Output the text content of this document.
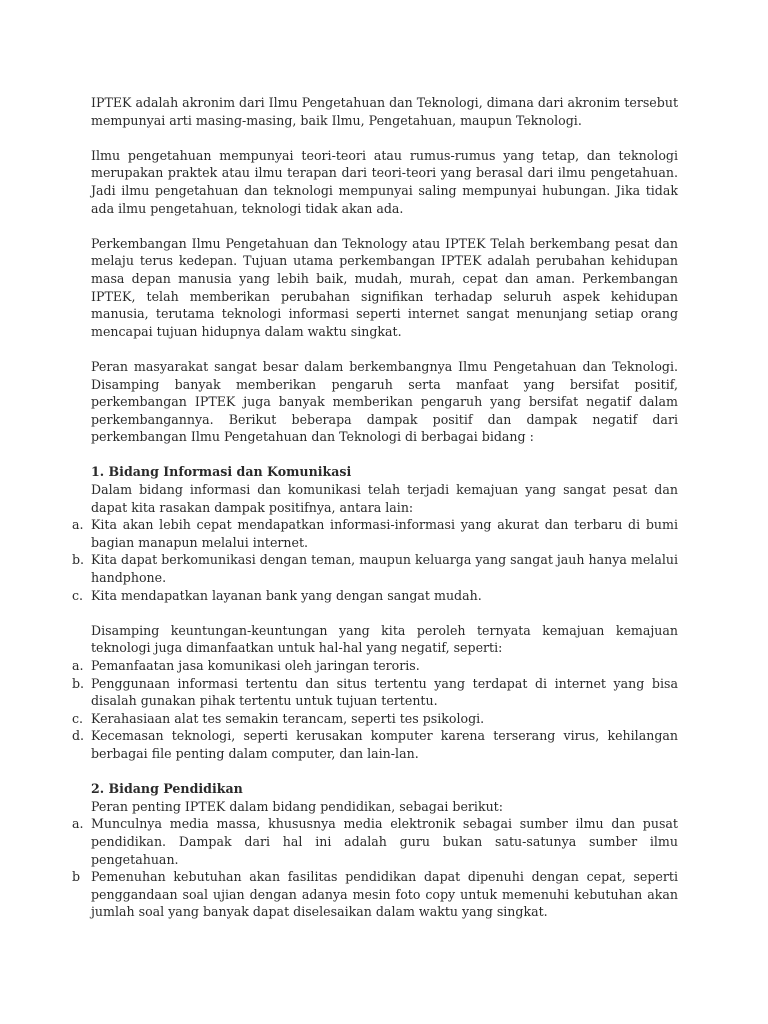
IPTEK adalah akronim dari Ilmu Pengetahuan dan Teknologi, dimana dari akronim tersebut mempunyai arti masing-masing, baik Ilmu, Pengetahuan, maupun Teknologi.

Ilmu pengetahuan mempunyai teori-teori atau rumus-rumus yang tetap, dan teknologi merupakan praktek atau ilmu terapan dari teori-teori yang berasal dari ilmu pengetahuan. Jadi ilmu pengetahuan dan teknologi mempunyai saling mempunyai hubungan. Jika tidak ada ilmu pengetahuan, teknologi tidak akan ada.

Perkembangan Ilmu Pengetahuan dan Teknology atau IPTEK Telah berkembang pesat dan melaju terus kedepan. Tujuan utama perkembangan IPTEK adalah perubahan kehidupan masa depan manusia yang lebih baik, mudah, murah, cepat dan aman. Perkembangan IPTEK, telah memberikan perubahan signifikan terhadap seluruh aspek kehidupan manusia, terutama teknologi informasi seperti internet sangat menunjang setiap orang mencapai tujuan hidupnya dalam waktu singkat.

Peran masyarakat sangat besar dalam berkembangnya Ilmu Pengetahuan dan Teknologi. Disamping banyak memberikan pengaruh serta manfaat yang bersifat positif, perkembangan IPTEK juga banyak memberikan pengaruh yang bersifat negatif dalam perkembangannya. Berikut beberapa dampak positif dan dampak negatif dari perkembangan Ilmu Pengetahuan dan Teknologi di berbagai bidang :

1. Bidang Informasi dan Komunikasi
Dalam bidang informasi dan komunikasi telah terjadi kemajuan yang sangat pesat dan dapat kita rasakan dampak positifnya, antara lain:
a. Kita akan lebih cepat mendapatkan informasi-informasi yang akurat dan terbaru di bumi bagian manapun melalui internet.
b. Kita dapat berkomunikasi dengan teman, maupun keluarga yang sangat jauh hanya melalui handphone.
c. Kita mendapatkan layanan bank yang dengan sangat mudah.
Disamping keuntungan-keuntungan yang kita peroleh ternyata kemajuan kemajuan teknologi juga dimanfaatkan untuk hal-hal yang negatif, seperti:
a. Pemanfaatan jasa komunikasi oleh jaringan teroris.
b. Penggunaan informasi tertentu dan situs tertentu yang terdapat di internet yang bisa disalah gunakan pihak tertentu untuk tujuan tertentu.
c. Kerahasiaan alat tes semakin terancam, seperti tes psikologi.
d. Kecemasan teknologi, seperti kerusakan komputer karena terserang virus, kehilangan berbagai file penting dalam computer, dan lain-lan.
2. Bidang Pendidikan
Peran penting IPTEK dalam bidang pendidikan, sebagai berikut:
a. Munculnya media massa, khususnya media elektronik sebagai sumber ilmu dan pusat pendidikan. Dampak dari hal ini adalah guru bukan satu-satunya sumber ilmu pengetahuan.
b Pemenuhan kebutuhan akan fasilitas pendidikan dapat dipenuhi dengan cepat, seperti penggandaan soal ujian dengan adanya mesin foto copy untuk memenuhi kebutuhan akan jumlah soal yang banyak dapat diselesaikan dalam waktu yang singkat.
